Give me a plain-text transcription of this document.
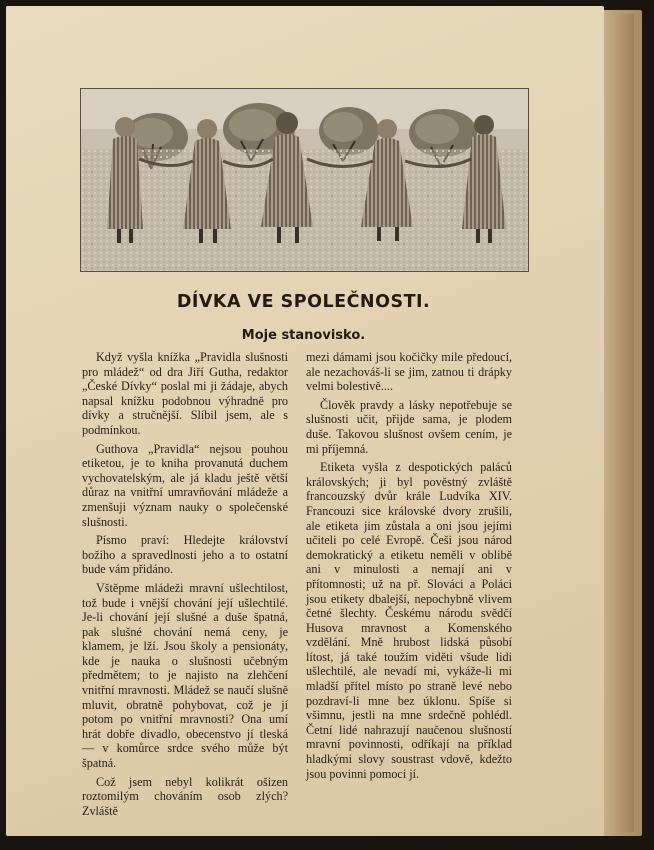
DÍVKA VE SPOLEČNOSTI.
Moje stanovisko.

Když vyšla knížka „Pravidla slušnosti pro mládež“ od dra Jiří Gutha, redaktor „České Dívky“ poslal mi ji žádaje, abych napsal knížku podobnou výhradně pro dívky a stručnější. Slíbil jsem, ale s podmínkou.

Guthova „Pravidla“ nejsou pouhou etiketou, je to kniha provanutá duchem vychovatelským, ale já kladu ještě větší důraz na vnitřní umravňování mládeže a zmenšuji význam nauky o společenské slušnosti.

Písmo praví: Hledejte království božího a spravedlnosti jeho a to ostatní bude vám přidáno.

Vštěpme mládeži mravní ušlechtilost, tož bude i vnější chování její ušlechtilé. Je-li chování její slušné a duše špatná, pak slušné chování nemá ceny, je klamem, je lží. Jsou školy a pensionáty, kde je nauka o slušnosti učebným předmětem; to je najisto na zlehčení vnitřní mravnosti. Mládež se naučí slušně mluvit, obratně pohybovat, což je jí potom po vnitřní mravnosti? Ona umí hrát dobře divadlo, obecenstvo jí tleská — v komůrce srdce svého může být špatná.

Což jsem nebyl kolikrát ošizen roztomilým chováním osob zlých? Zvláště

mezi dámami jsou kočičky mile předoucí, ale nezachováš-li se jim, zatnou ti drápky velmi bolestivě....

Člověk pravdy a lásky nepotřebuje se slušnosti učit, přijde sama, je plodem duše. Takovou slušnost ovšem cením, je mi příjemná.

Etiketa vyšla z despotických paláců královských; ji byl pověstný zvláště francouzský dvůr krále Ludvíka XIV. Francouzi sice královské dvory zrušili, ale etiketa jim zůstala a oni jsou jejími učiteli po celé Evropě. Češi jsou národ demokratický a etiketu neměli v oblibě ani v minulosti a nemají ani v přítomnosti; už na př. Slováci a Poláci jsou etikety dbalejší, nepochybně vlivem četné šlechty. Českému národu svědčí Husova mravnost a Komenského vzdělání. Mně hrubost lidská působí lítost, já také toužím viděti všude lidi ušlechtilé, ale nevadí mi, vykáže-li mi mladší přítel místo po straně levé nebo pozdraví-li mne bez úklonu. Spíše si všimnu, jestli na mne srdečně pohlédl. Četní lidé nahrazují naučenou slušností mravní povinnosti, odříkají na příklad hladkými slovy soustrast vdově, kdežto jsou povinni pomoci jí.
